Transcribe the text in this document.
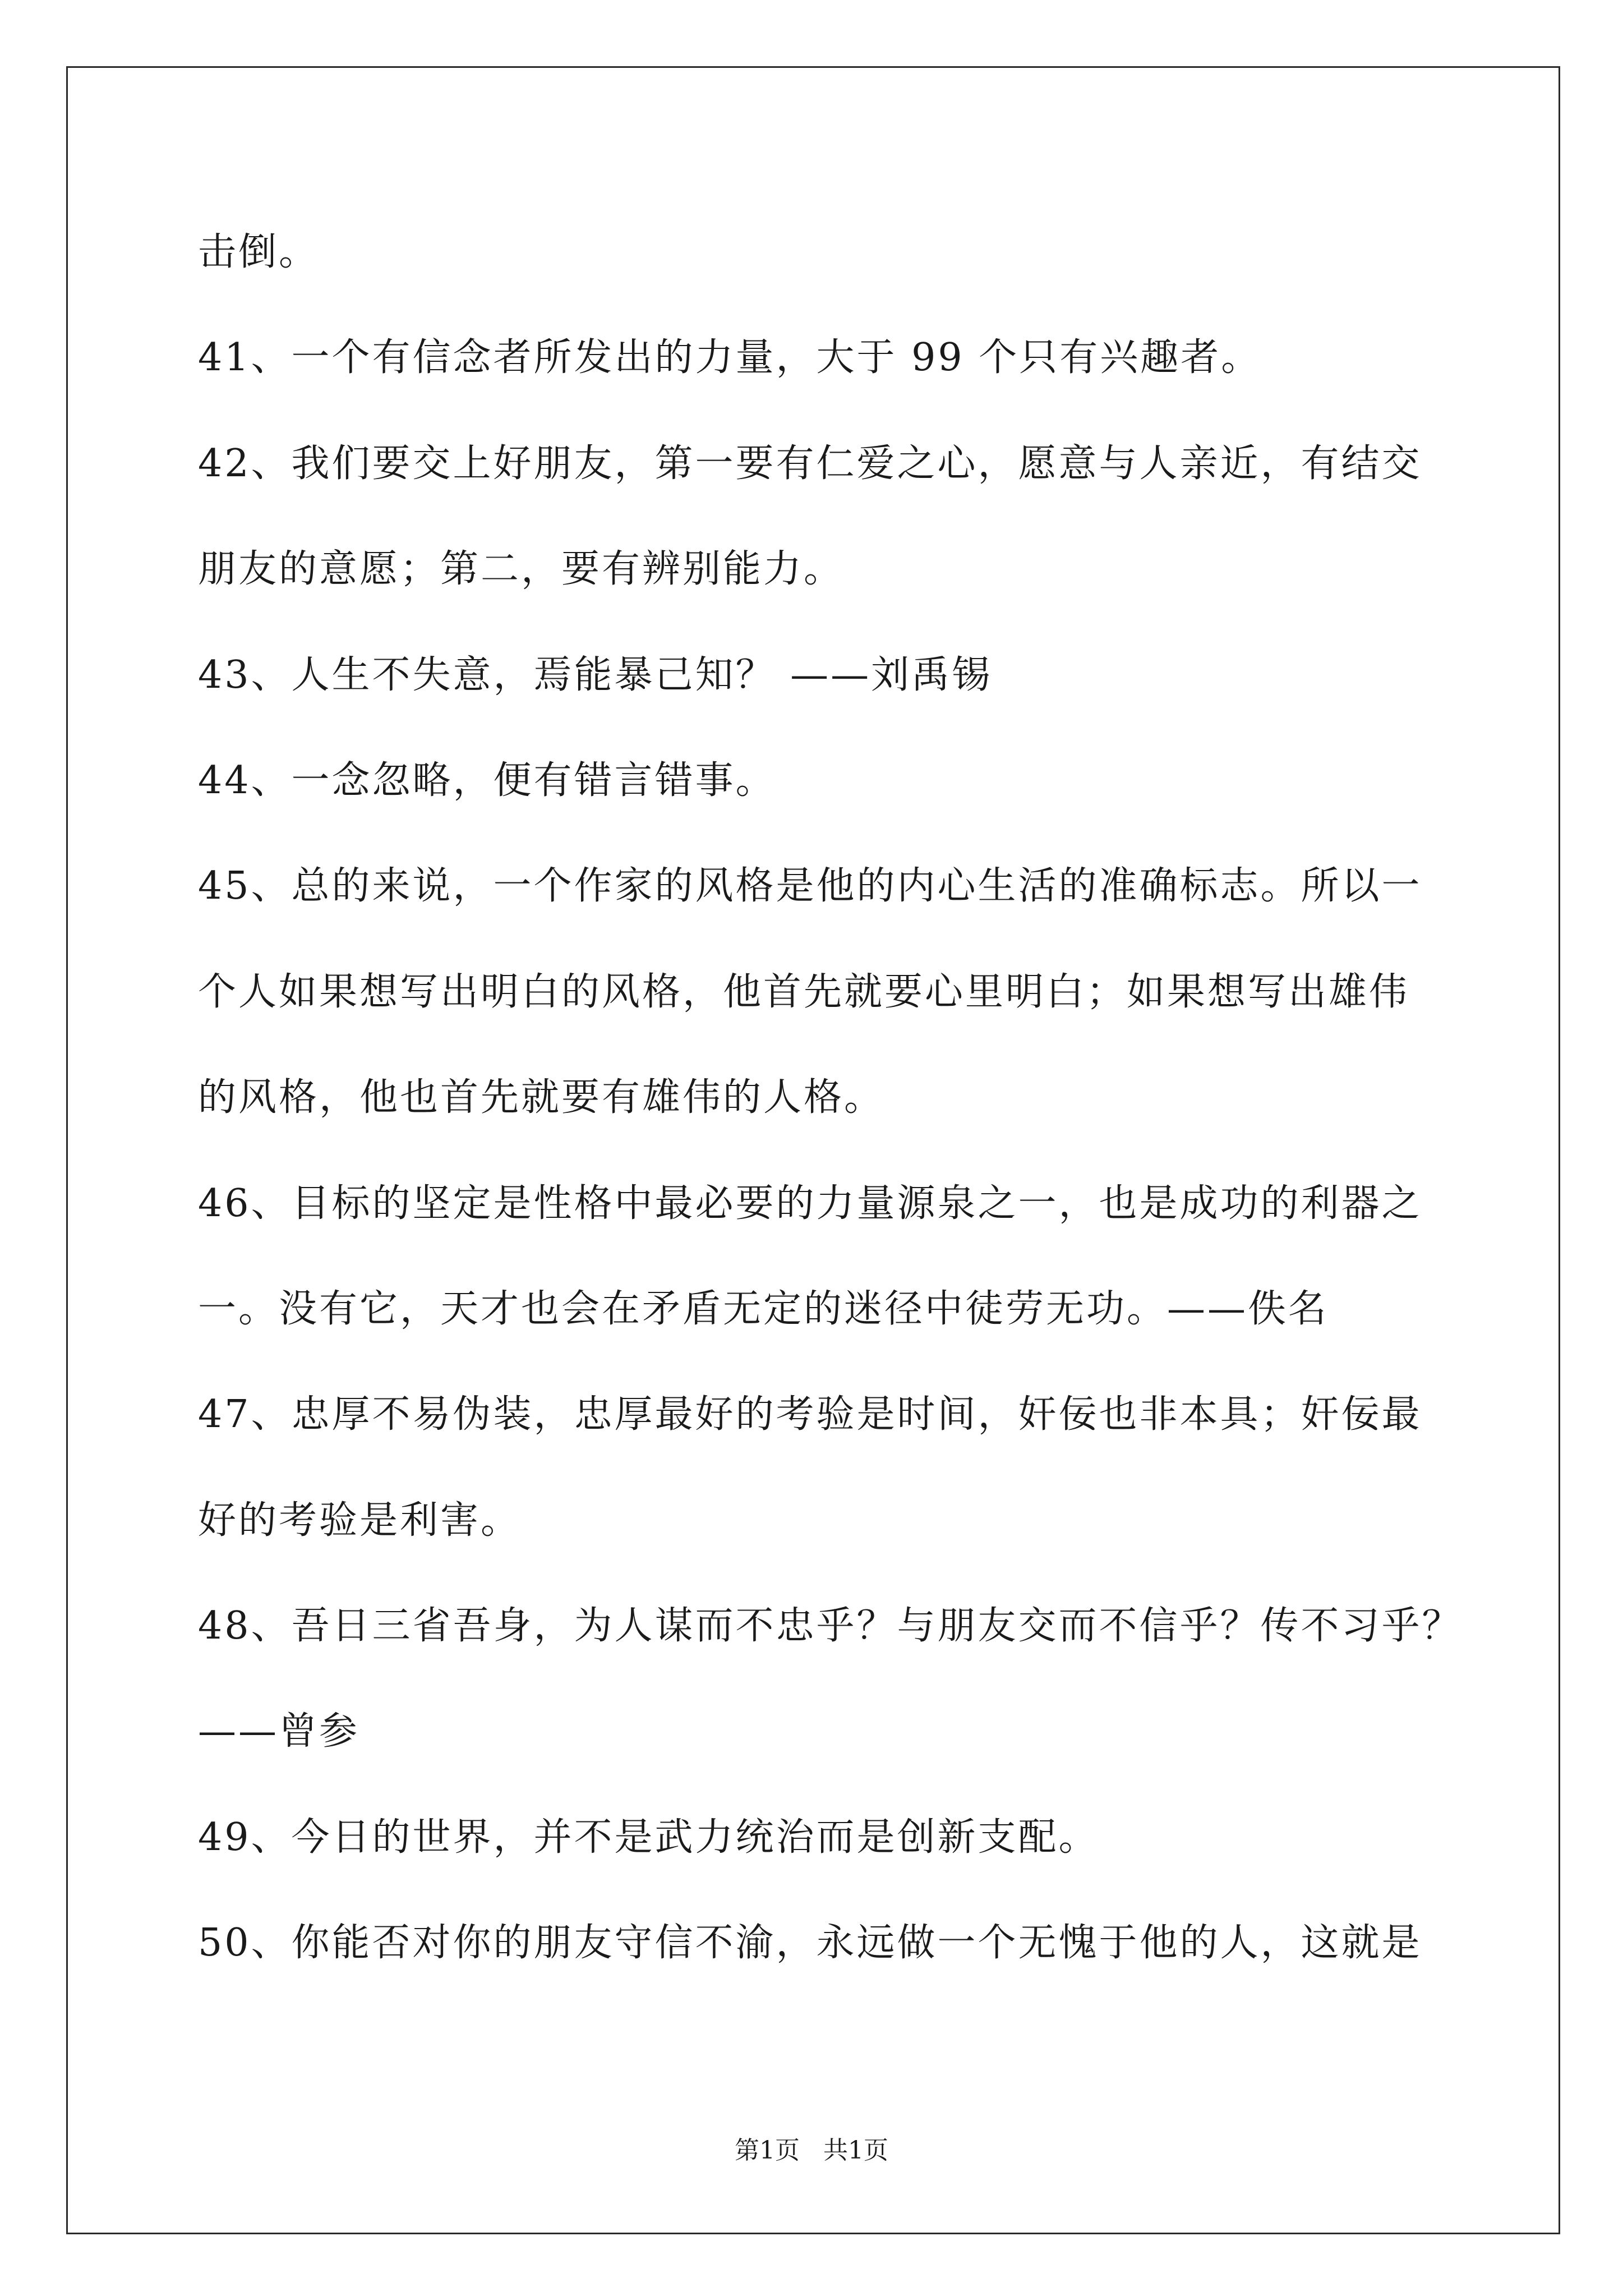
击倒。
41、一个有信念者所发出的力量，大于 99 个只有兴趣者。
42、我们要交上好朋友，第一要有仁爱之心，愿意与人亲近，有结交
朋友的意愿；第二，要有辨别能力。
43、人生不失意，焉能暴己知？ ——刘禹锡
44、一念忽略，便有错言错事。
45、总的来说，一个作家的风格是他的内心生活的准确标志。所以一
个人如果想写出明白的风格，他首先就要心里明白；如果想写出雄伟
的风格，他也首先就要有雄伟的人格。
46、目标的坚定是性格中最必要的力量源泉之一，也是成功的利器之
一。没有它，天才也会在矛盾无定的迷径中徒劳无功。——佚名
47、忠厚不易伪装，忠厚最好的考验是时间，奸佞也非本具；奸佞最
好的考验是利害。
48、吾日三省吾身，为人谋而不忠乎？与朋友交而不信乎？传不习乎？
——曾参
49、今日的世界，并不是武力统治而是创新支配。
50、你能否对你的朋友守信不渝，永远做一个无愧于他的人，这就是
第1页   共1页
